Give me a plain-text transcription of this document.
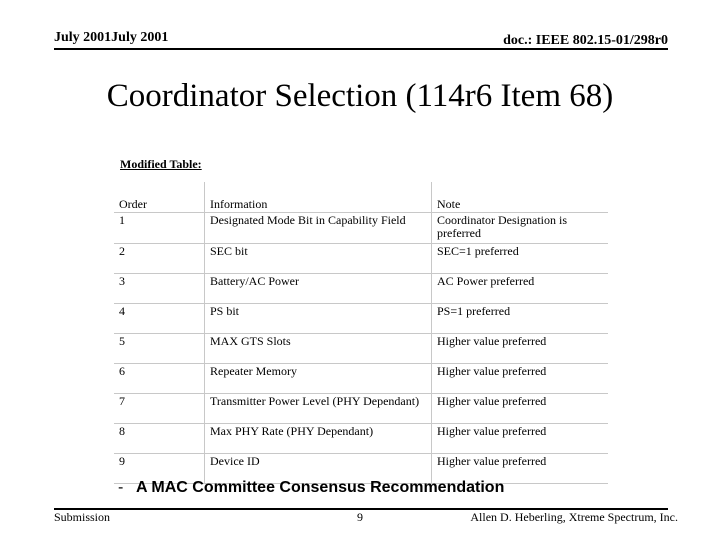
July 2001July 2001	doc.: IEEE 802.15-01/298r0
Coordinator Selection (114r6 Item 68)
Modified Table:
Order	Information	Note
1	Designated Mode Bit in Capability Field	Coordinator Designation is preferred
2	SEC bit	SEC=1 preferred
3	Battery/AC Power	AC Power preferred
4	PS bit	PS=1 preferred
5	MAX GTS Slots	Higher value preferred
6	Repeater Memory	Higher value preferred
7	Transmitter Power Level (PHY Dependant)	Higher value preferred
8	Max PHY Rate (PHY Dependant)	Higher value preferred
9	Device ID	Higher value preferred
- A MAC Committee Consensus Recommendation
Submission	9	Allen D. Heberling, Xtreme Spectrum, Inc.
